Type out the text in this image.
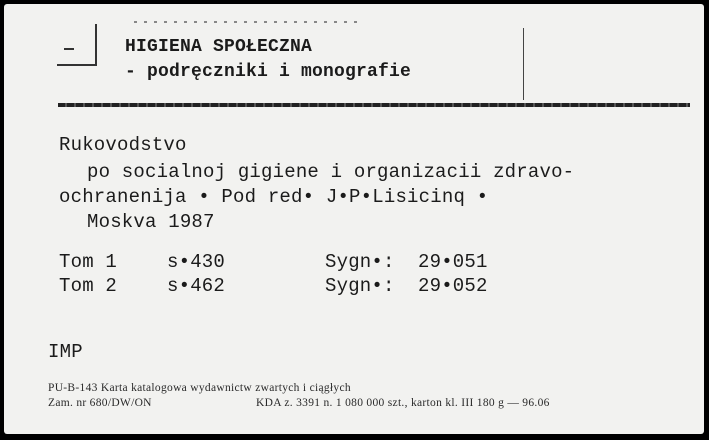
HIGIENA SPOŁECZNA
- podręczniki i monografie
Rukovodstvo
po socialnoj gigiene i organizacii zdravo-
ochranenija • Pod red• J•P•Lisicinq •
Moskva 1987
Tom 1	s•430	Sygn•: 29•051
Tom 2	s•462	Sygn•: 29•052
IMP
PU-B-143 Karta katalogowa wydawnictw zwartych i ciągłych
Zam. nr 680/DW/ON	KDA z. 3391 n. 1 080 000 szt., karton kl. III 180 g — 96.06
